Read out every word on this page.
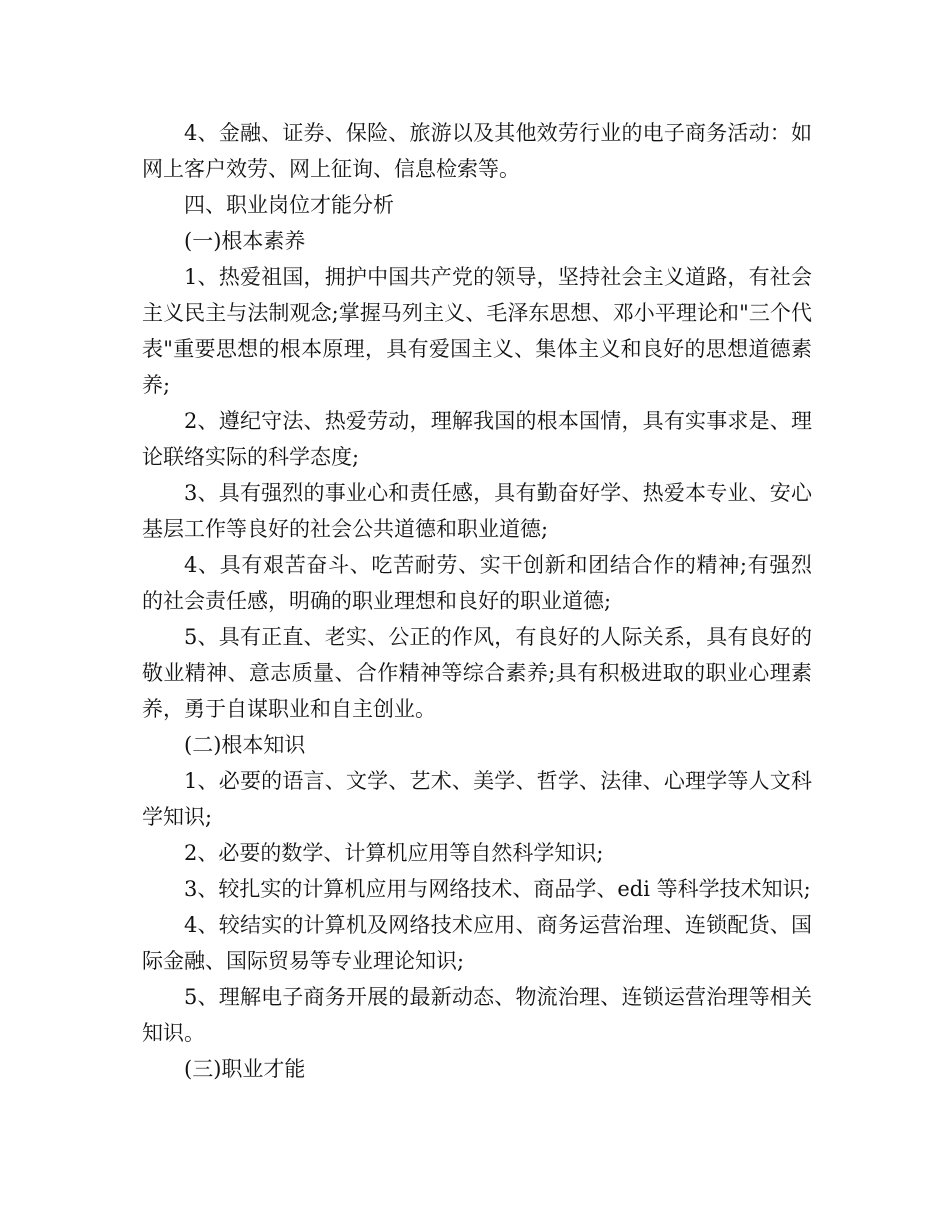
4、金融、证券、保险、旅游以及其他效劳行业的电子商务活动：如网上客户效劳、网上征询、信息检索等。

四、职业岗位才能分析

(一)根本素养

1、热爱祖国，拥护中国共产党的领导，坚持社会主义道路，有社会主义民主与法制观念;掌握马列主义、毛泽东思想、邓小平理论和"三个代表"重要思想的根本原理，具有爱国主义、集体主义和良好的思想道德素养;

2、遵纪守法、热爱劳动，理解我国的根本国情，具有实事求是、理论联络实际的科学态度;

3、具有强烈的事业心和责任感，具有勤奋好学、热爱本专业、安心基层工作等良好的社会公共道德和职业道德;

4、具有艰苦奋斗、吃苦耐劳、实干创新和团结合作的精神;有强烈的社会责任感，明确的职业理想和良好的职业道德;

5、具有正直、老实、公正的作风，有良好的人际关系，具有良好的敬业精神、意志质量、合作精神等综合素养;具有积极进取的职业心理素养，勇于自谋职业和自主创业。

(二)根本知识

1、必要的语言、文学、艺术、美学、哲学、法律、心理学等人文科学知识;

2、必要的数学、计算机应用等自然科学知识;

3、较扎实的计算机应用与网络技术、商品学、edi 等科学技术知识;

4、较结实的计算机及网络技术应用、商务运营治理、连锁配货、国际金融、国际贸易等专业理论知识;

5、理解电子商务开展的最新动态、物流治理、连锁运营治理等相关知识。

(三)职业才能
